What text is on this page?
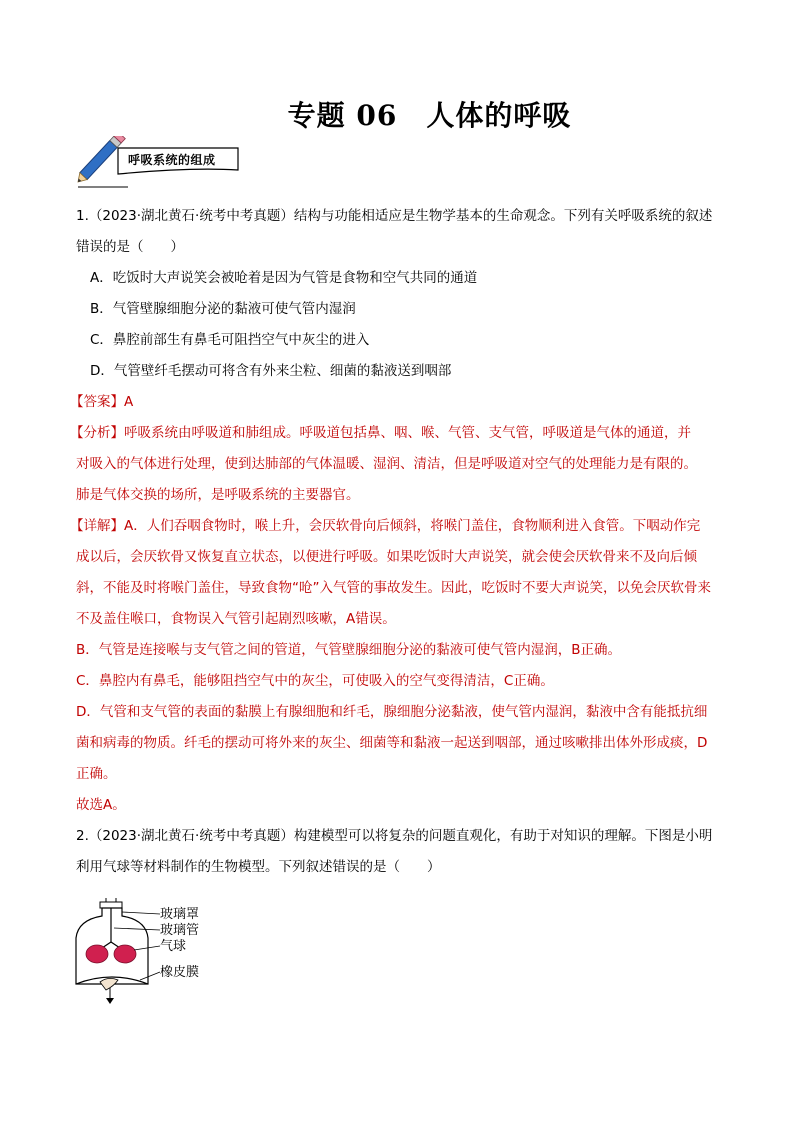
专题 06　人体的呼吸
呼吸系统的组成
1.（2023·湖北黄石·统考中考真题）结构与功能相适应是生物学基本的生命观念。下列有关呼吸系统的叙述
错误的是（　　）
A．吃饭时大声说笑会被呛着是因为气管是食物和空气共同的通道
B．气管壁腺细胞分泌的黏液可使气管内湿润
C．鼻腔前部生有鼻毛可阻挡空气中灰尘的进入
D．气管壁纤毛摆动可将含有外来尘粒、细菌的黏液送到咽部
【答案】A
【分析】呼吸系统由呼吸道和肺组成。呼吸道包括鼻、咽、喉、气管、支气管，呼吸道是气体的通道，并
对吸入的气体进行处理，使到达肺部的气体温暖、湿润、清洁，但是呼吸道对空气的处理能力是有限的。
肺是气体交换的场所，是呼吸系统的主要器官。
【详解】A．人们吞咽食物时，喉上升，会厌软骨向后倾斜，将喉门盖住，食物顺利进入食管。下咽动作完
成以后，会厌软骨又恢复直立状态，以便进行呼吸。如果吃饭时大声说笑，就会使会厌软骨来不及向后倾
斜，不能及时将喉门盖住，导致食物“呛”入气管的事故发生。因此，吃饭时不要大声说笑，以免会厌软骨来
不及盖住喉口，食物误入气管引起剧烈咳嗽，A错误。
B．气管是连接喉与支气管之间的管道，气管壁腺细胞分泌的黏液可使气管内湿润，B正确。
C．鼻腔内有鼻毛，能够阻挡空气中的灰尘，可使吸入的空气变得清洁，C正确。
D．气管和支气管的表面的黏膜上有腺细胞和纤毛，腺细胞分泌黏液，使气管内湿润，黏液中含有能抵抗细
菌和病毒的物质。纤毛的摆动可将外来的灰尘、细菌等和黏液一起送到咽部，通过咳嗽排出体外形成痰，D
正确。
故选A。
2.（2023·湖北黄石·统考中考真题）构建模型可以将复杂的问题直观化，有助于对知识的理解。下图是小明
利用气球等材料制作的生物模型。下列叙述错误的是（　　）
玻璃罩
玻璃管
气球
橡皮膜
